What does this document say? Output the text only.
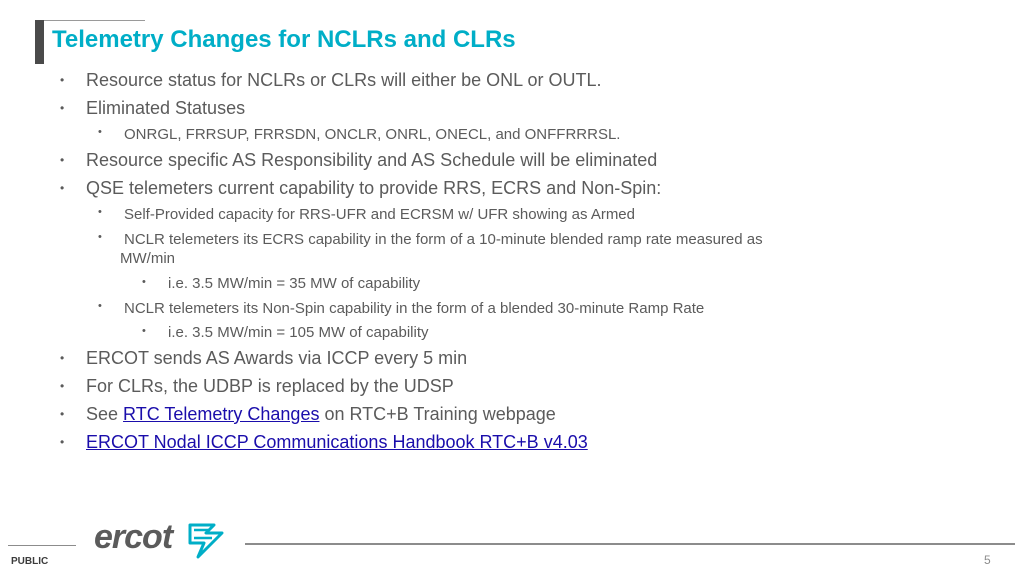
Telemetry Changes for NCLRs and CLRs
• Resource status for NCLRs or CLRs will either be ONL or OUTL.
• Eliminated Statuses
• ONRGL, FRRSUP, FRRSDN, ONCLR, ONRL, ONECL, and ONFFRRRSL.
• Resource specific AS Responsibility and AS Schedule will be eliminated
• QSE telemeters current capability to provide RRS, ECRS and Non-Spin:
• Self-Provided capacity for RRS-UFR and ECRSM w/ UFR showing as Armed
• NCLR telemeters its ECRS capability in the form of a 10-minute blended ramp rate measured as
MW/min
• i.e. 3.5 MW/min = 35 MW of capability
• NCLR telemeters its Non-Spin capability in the form of a blended 30-minute Ramp Rate
• i.e. 3.5 MW/min = 105 MW of capability
• ERCOT sends AS Awards via ICCP every 5 min
• For CLRs, the UDBP is replaced by the UDSP
• See RTC Telemetry Changes on RTC+B Training webpage
• ERCOT Nodal ICCP Communications Handbook RTC+B v4.03
ercot
PUBLIC	5
